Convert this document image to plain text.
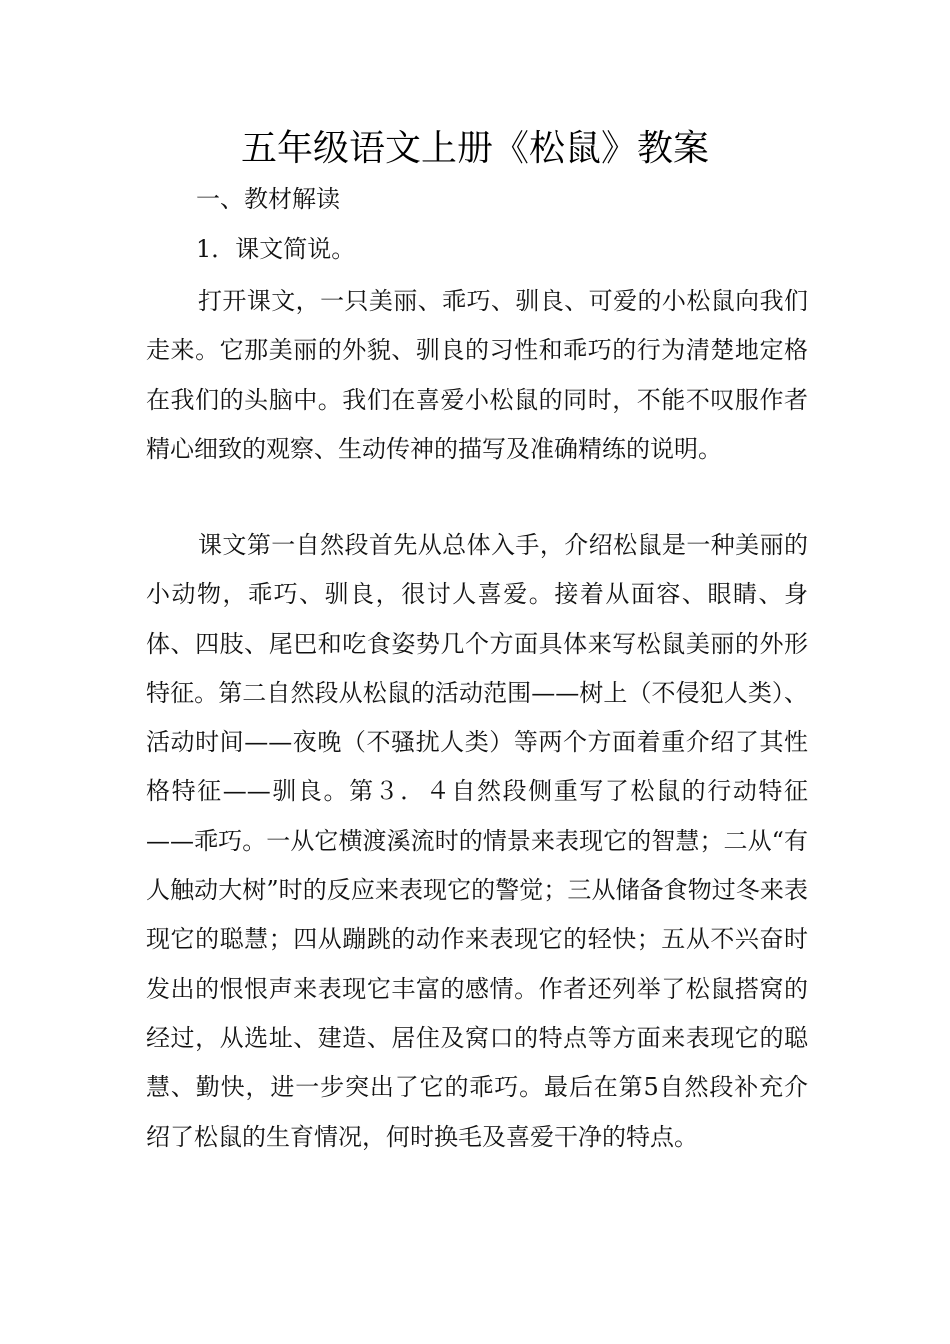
五年级语文上册《松鼠》教案

一、教材解读

1．课文简说。

打开课文，一只美丽、乖巧、驯良、可爱的小松鼠向我们走来。它那美丽的外貌、驯良的习性和乖巧的行为清楚地定格在我们的头脑中。我们在喜爱小松鼠的同时，不能不叹服作者精心细致的观察、生动传神的描写及准确精练的说明。

课文第一自然段首先从总体入手，介绍松鼠是一种美丽的小动物，乖巧、驯良，很讨人喜爱。接着从面容、眼睛、身体、四肢、尾巴和吃食姿势几个方面具体来写松鼠美丽的外形特征。第二自然段从松鼠的活动范围——树上（不侵犯人类）、活动时间——夜晚（不骚扰人类）等两个方面着重介绍了其性格特征——驯良。第３．４自然段侧重写了松鼠的行动特征——乖巧。一从它横渡溪流时的情景来表现它的智慧；二从“有人触动大树”时的反应来表现它的警觉；三从储备食物过冬来表现它的聪慧；四从蹦跳的动作来表现它的轻快；五从不兴奋时发出的恨恨声来表现它丰富的感情。作者还列举了松鼠搭窝的经过，从选址、建造、居住及窝口的特点等方面来表现它的聪慧、勤快，进一步突出了它的乖巧。最后在第5自然段补充介绍了松鼠的生育情况，何时换毛及喜爱干净的特点。
